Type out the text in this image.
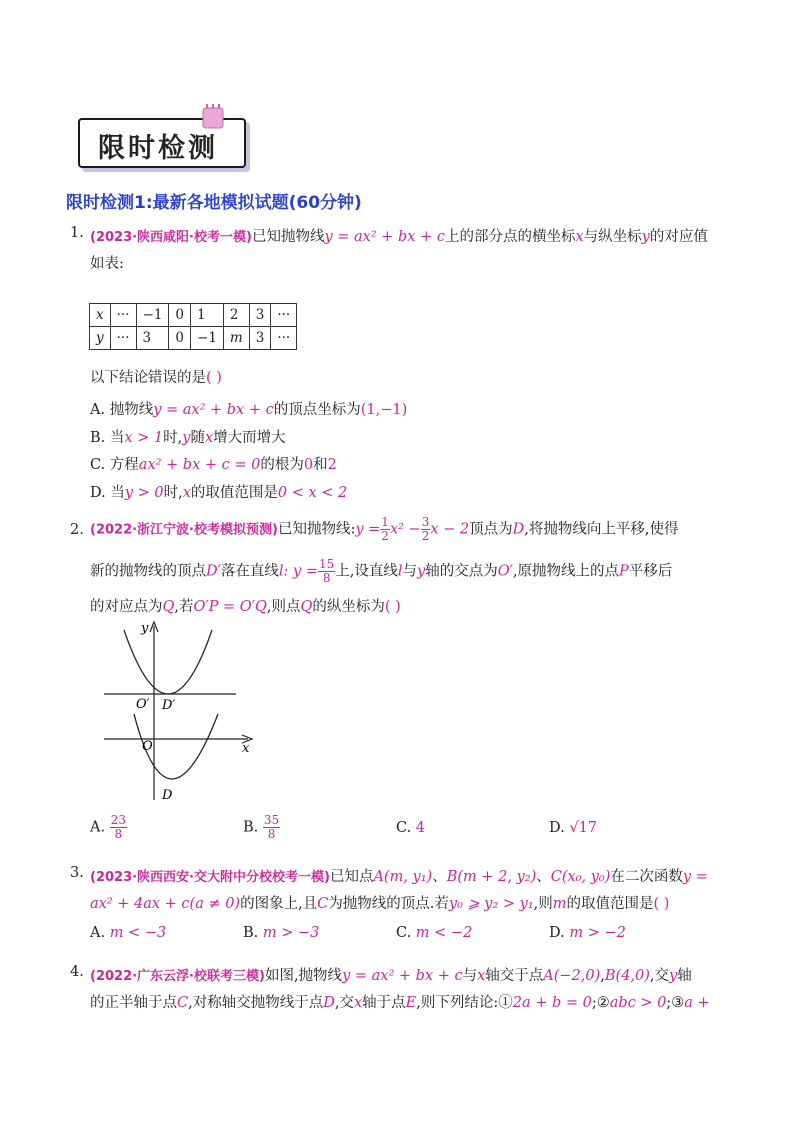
限时检测
限时检测1:最新各地模拟试题(60分钟)
1. (2023·陕西咸阳·校考一模)已知抛物线y = ax² + bx + c上的部分点的横坐标x与纵坐标y的对应值
如表:
x	···	−1	0	1	2	3	···
y	···	3	0	−1	m	3	···
以下结论错误的是( )
A. 抛物线y = ax² + bx + c的顶点坐标为(1,−1)
B. 当x > 1时,y随x增大而增大
C. 方程ax² + bx + c = 0的根为0和2
D. 当y > 0时,x的取值范围是0 < x < 2
2. (2022·浙江宁波·校考模拟预测)已知抛物线:y = $\frac{1}{2} x^2 - \frac{3}{2}$ x − 2顶点为D,将抛物线向上平移,使得
新的抛物线的顶点D′落在直线l: $y = \frac{15}{8}$ 上,设直线l与y轴的交点为O′,原抛物线上的点P平移后
的对应点为Q,若O′P = O′Q,则点Q的纵坐标为( )
y
x
O
O′ D′
D
A. $\frac{23}{8}$	B. $\frac{35}{8}$	C. 4	D. √17
3. (2023·陕西西安·交大附中分校校考一模)已知点A(m, y₁)、B(m + 2, y₂)、C(x₀, y₀)在二次函数y =
ax² + 4ax + c(a ≠ 0)的图象上,且C为抛物线的顶点.若y₀ ⩾ y₂ > y₁,则m的取值范围是( )
A. m < −3	B. m > −3	C. m < −2	D. m > −2
4. (2022·广东云浮·校联考三模)如图,抛物线y = ax² + bx + c与x轴交于点A(−2,0),B(4,0),交y轴
的正半轴于点C,对称轴交抛物线于点D,交x轴于点E,则下列结论:①2a + b = 0;②abc > 0;③a +
